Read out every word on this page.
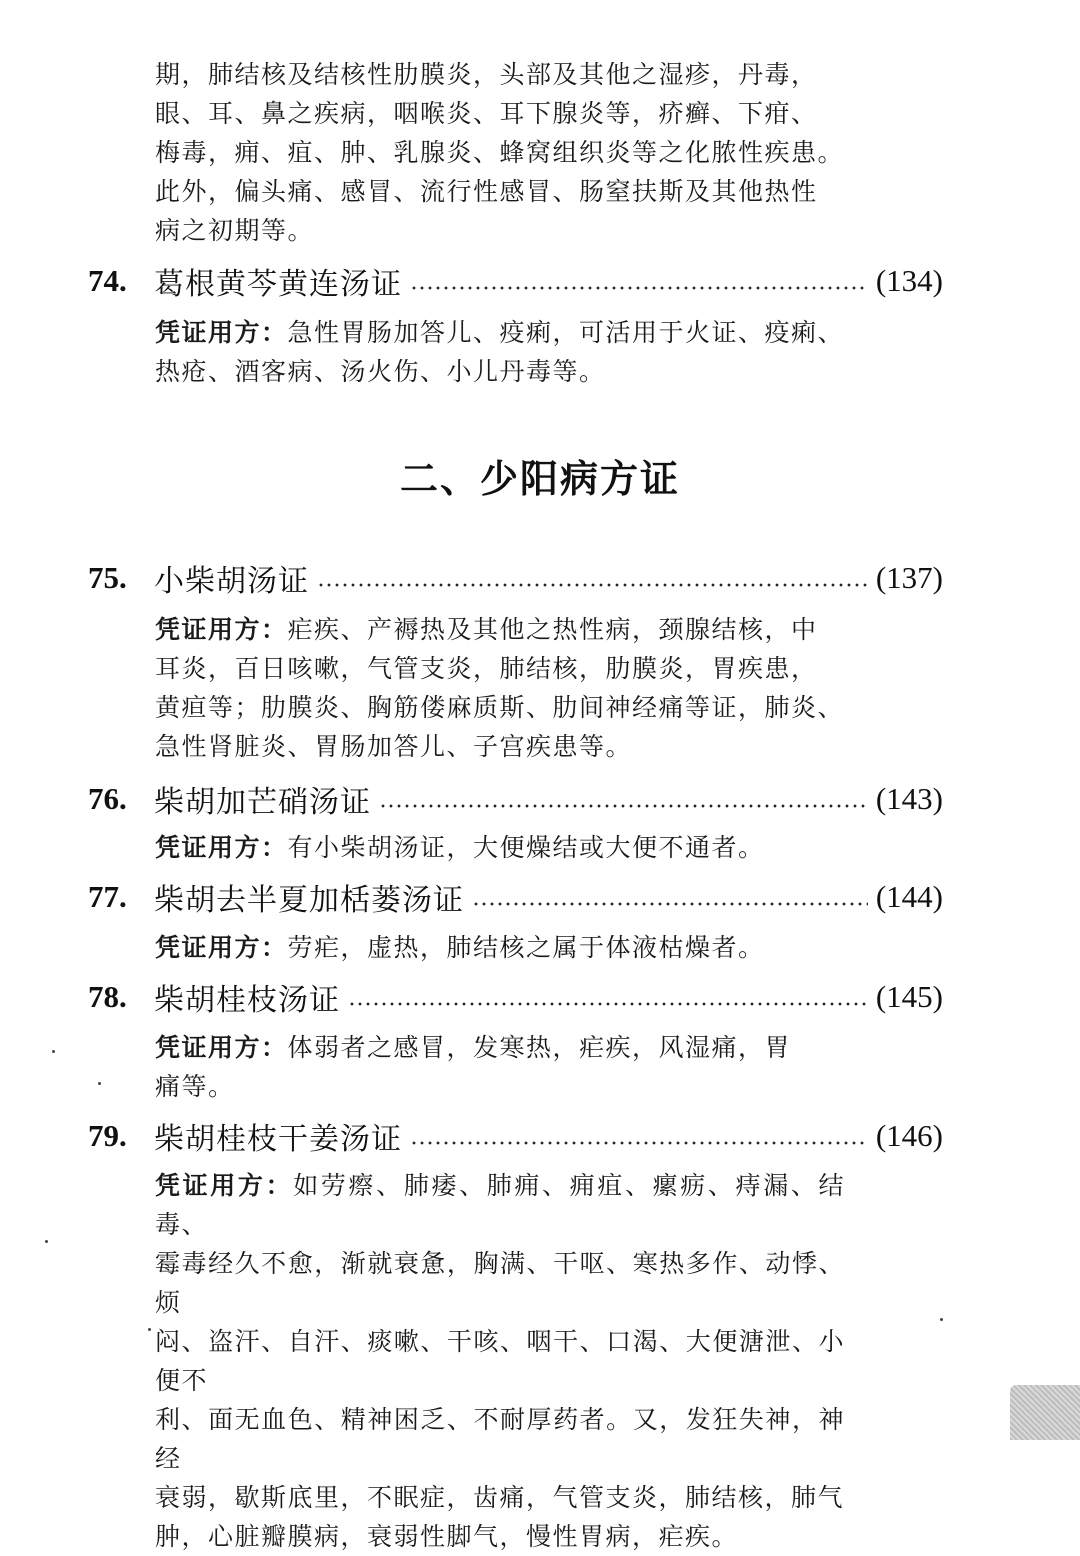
期，肺结核及结核性肋膜炎，头部及其他之湿疹，丹毒，
眼、耳、鼻之疾病，咽喉炎、耳下腺炎等，疥癣、下疳、
梅毒，痈、疽、肿、乳腺炎、蜂窝组织炎等之化脓性疾患。
此外，偏头痛、感冒、流行性感冒、肠窒扶斯及其他热性
病之初期等。
74. 葛根黄芩黄连汤证	(134)
凭证用方：急性胃肠加答儿、疫痢，可活用于火证、疫痢、
热疮、酒客病、汤火伤、小儿丹毒等。
二、少阳病方证
75. 小柴胡汤证	(137)
凭证用方：疟疾、产褥热及其他之热性病，颈腺结核，中
耳炎，百日咳嗽，气管支炎，肺结核，肋膜炎，胃疾患，
黄疸等；肋膜炎、胸筋偻麻质斯、肋间神经痛等证，肺炎、
急性肾脏炎、胃肠加答儿、子宫疾患等。
76. 柴胡加芒硝汤证	(143)
凭证用方：有小柴胡汤证，大便燥结或大便不通者。
77. 柴胡去半夏加栝蒌汤证	(144)
凭证用方：劳疟，虚热，肺结核之属于体液枯燥者。
78. 柴胡桂枝汤证	(145)
凭证用方：体弱者之感冒，发寒热，疟疾，风湿痛，胃
痛等。
79. 柴胡桂枝干姜汤证	(146)
凭证用方：如劳瘵、肺痿、肺痈、痈疽、瘰疬、痔漏、结毒、
霉毒经久不愈，渐就衰惫，胸满、干呕、寒热多作、动悸、烦
闷、盗汗、自汗、痰嗽、干咳、咽干、口渴、大便溏泄、小便不
利、面无血色、精神困乏、不耐厚药者。又，发狂失神，神经
衰弱，歇斯底里，不眠症，齿痛，气管支炎，肺结核，肺气
肿，心脏瓣膜病，衰弱性脚气，慢性胃病，疟疾。
